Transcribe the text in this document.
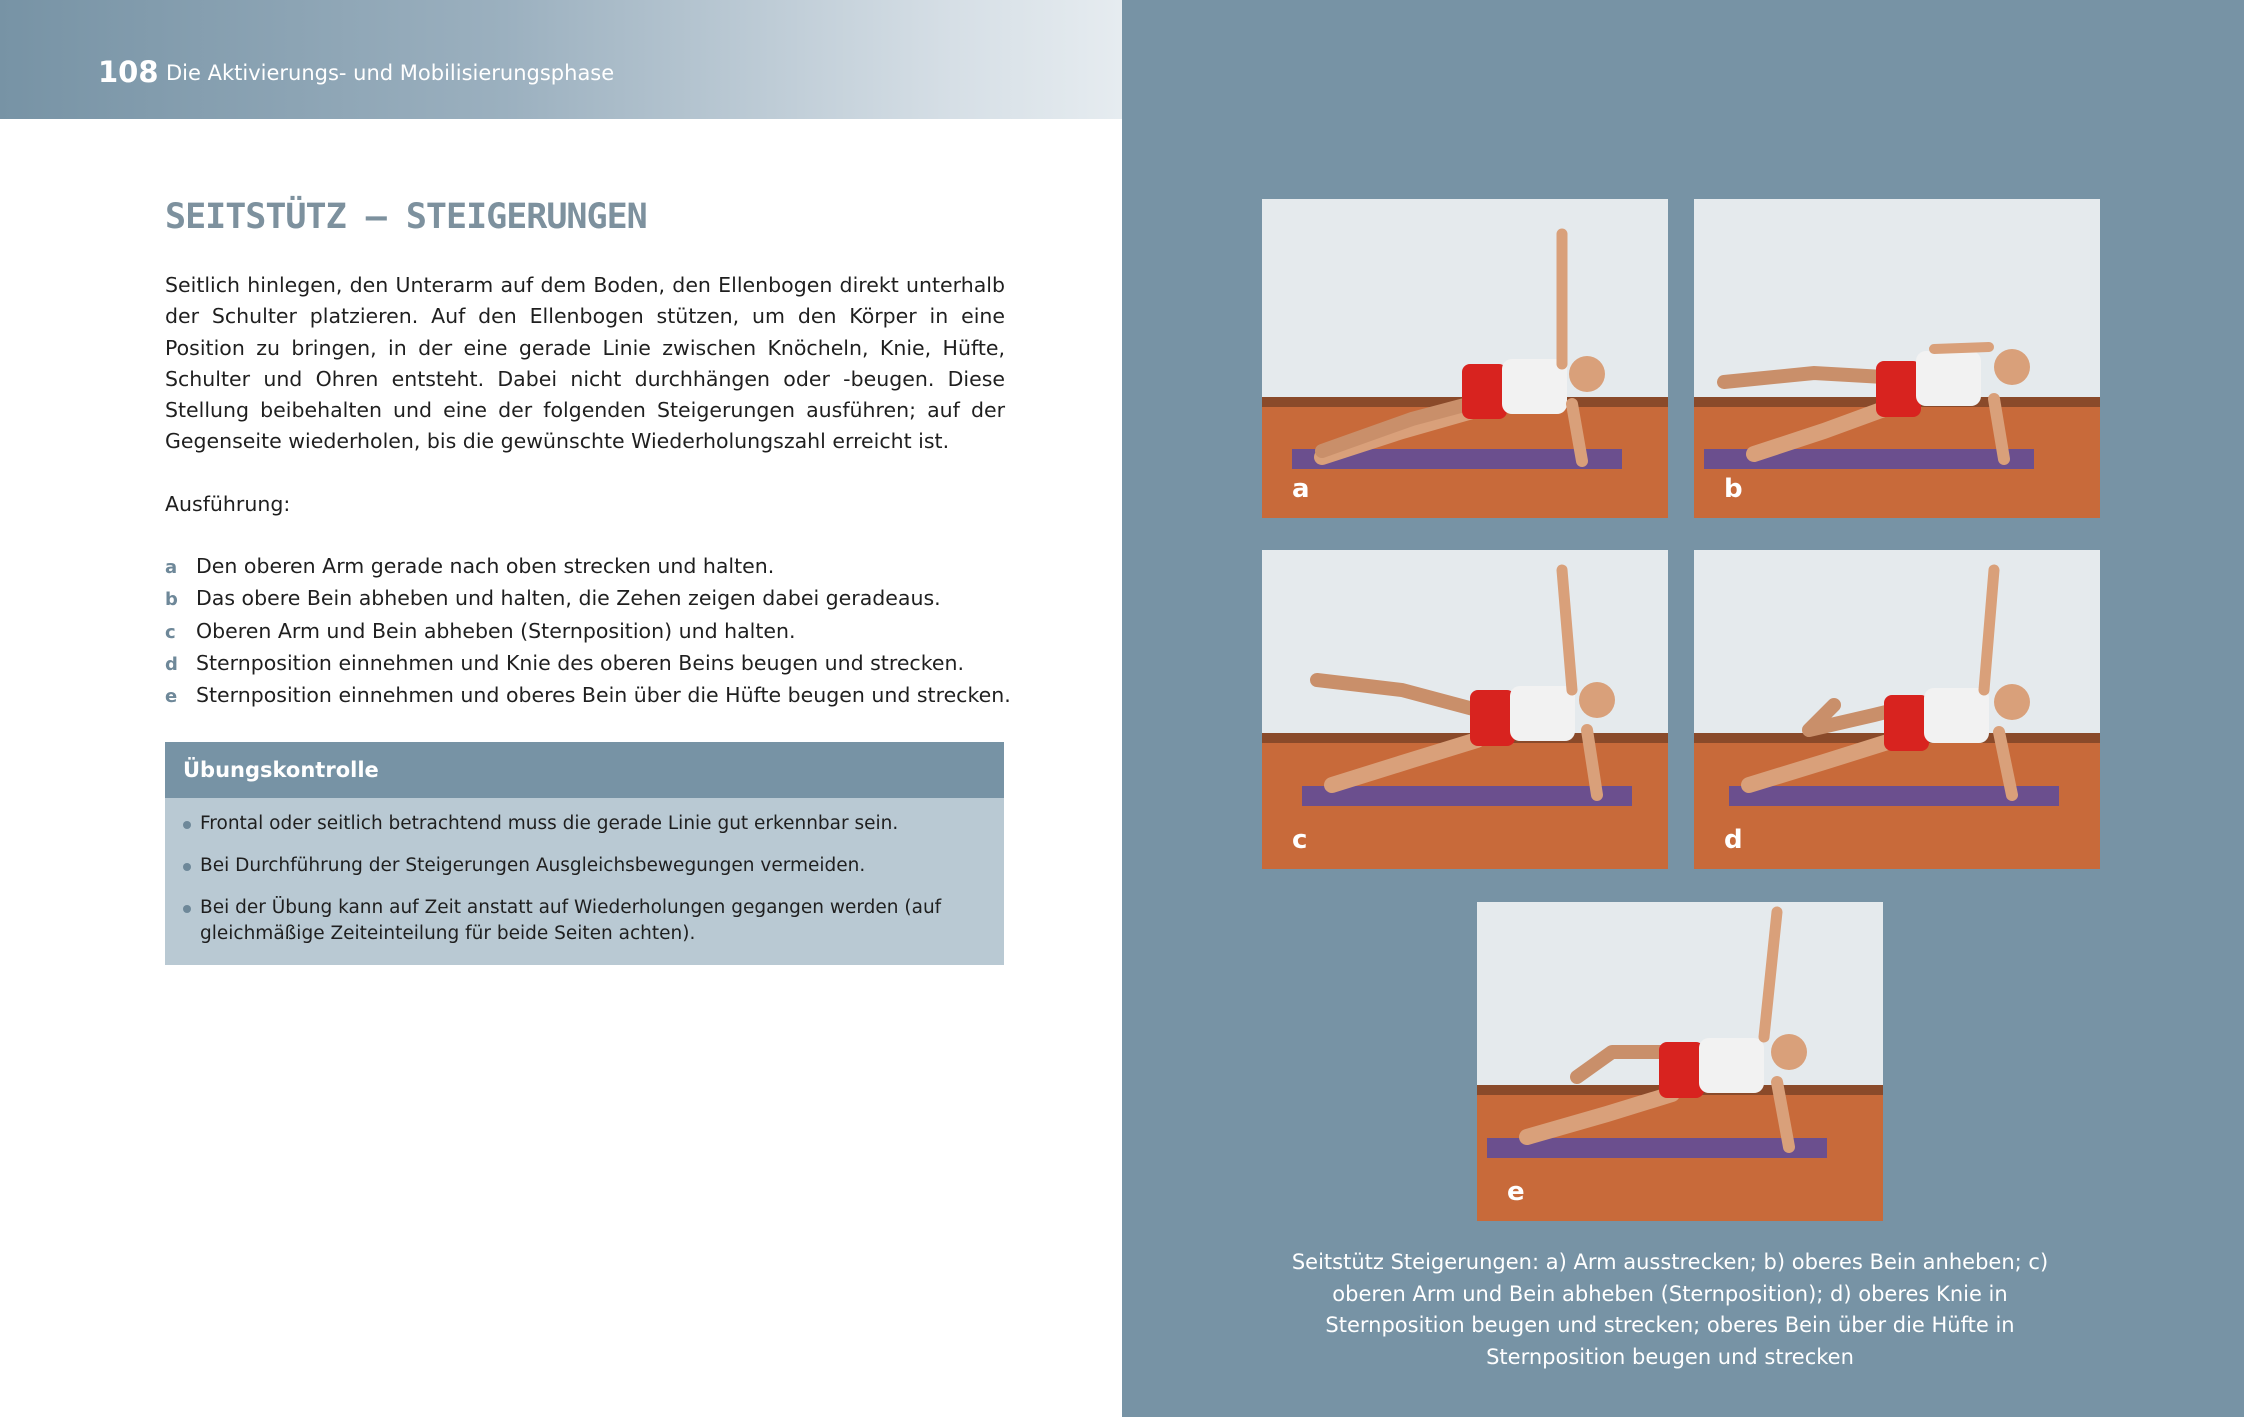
108 Die Aktivierungs- und Mobilisierungsphase
SEITSTÜTZ – STEIGERUNGEN

Seitlich hinlegen, den Unterarm auf dem Boden, den Ellenbogen direkt unterhalb der Schulter platzieren. Auf den Ellenbogen stützen, um den Körper in eine Position zu bringen, in der eine gerade Linie zwischen Knöcheln, Knie, Hüfte, Schulter und Ohren entsteht. Dabei nicht durchhängen oder -beugen. Diese Stellung beibehalten und eine der folgenden Steigerungen ausführen; auf der Gegenseite wiederholen, bis die gewünschte Wiederholungszahl erreicht ist.

Ausführung:
a Den oberen Arm gerade nach oben strecken und halten.
b Das obere Bein abheben und halten, die Zehen zeigen dabei geradeaus.
c Oberen Arm und Bein abheben (Sternposition) und halten.
d Sternposition einnehmen und Knie des oberen Beins beugen und strecken.
e Sternposition einnehmen und oberes Bein über die Hüfte beugen und strecken.
Übungskontrolle
Frontal oder seitlich betrachtend muss die gerade Linie gut erkennbar sein.
Bei Durchführung der Steigerungen Ausgleichsbewegungen vermeiden.
Bei der Übung kann auf Zeit anstatt auf Wiederholungen gegangen werden (auf gleichmäßige Zeiteinteilung für beide Seiten achten).
Seitstütz Steigerungen: a) Arm ausstrecken; b) oberes Bein anheben; c) oberen Arm und Bein abheben (Sternposition); d) oberes Knie in Sternposition beugen und strecken; oberes Bein über die Hüfte in Sternposition beugen und strecken
a	b
c	d
e
